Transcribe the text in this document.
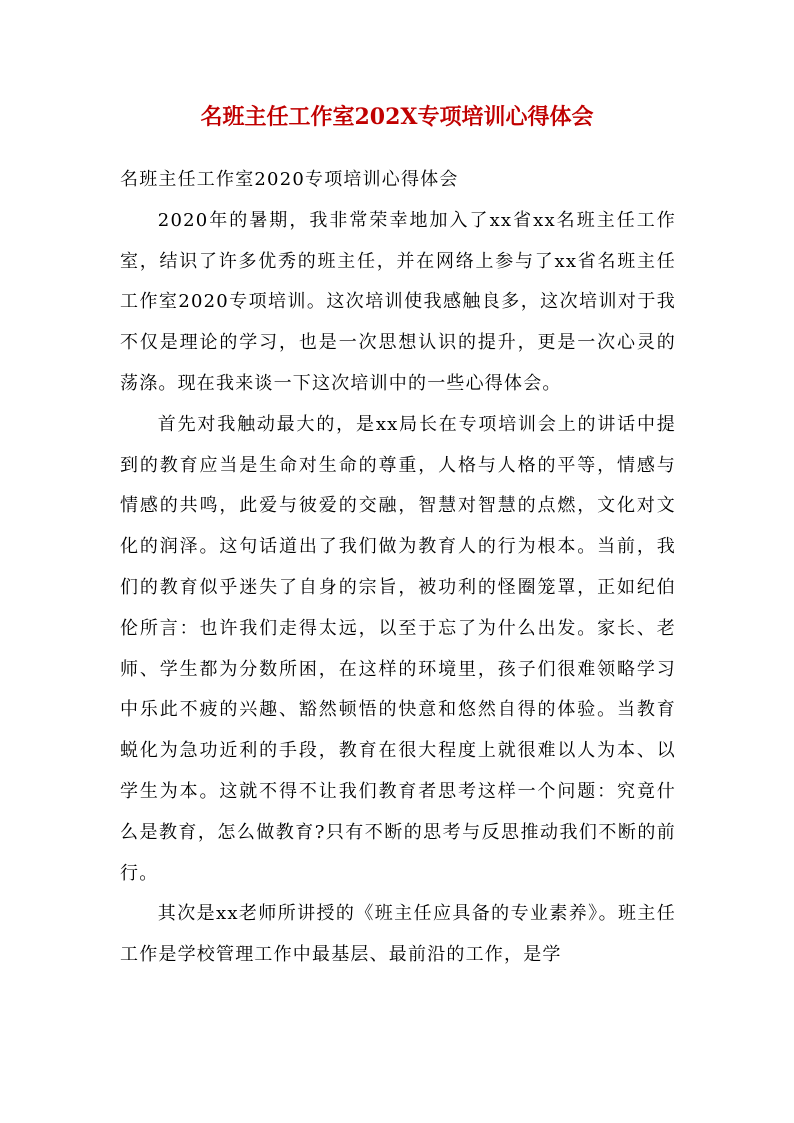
名班主任工作室202X专项培训心得体会

名班主任工作室2020专项培训心得体会

2020年的暑期，我非常荣幸地加入了xx省xx名班主任工作室，结识了许多优秀的班主任，并在网络上参与了xx省名班主任工作室2020专项培训。这次培训使我感触良多，这次培训对于我不仅是理论的学习，也是一次思想认识的提升，更是一次心灵的荡涤。现在我来谈一下这次培训中的一些心得体会。

首先对我触动最大的，是xx局长在专项培训会上的讲话中提到的教育应当是生命对生命的尊重，人格与人格的平等，情感与情感的共鸣，此爱与彼爱的交融，智慧对智慧的点燃，文化对文化的润泽。这句话道出了我们做为教育人的行为根本。当前，我们的教育似乎迷失了自身的宗旨，被功利的怪圈笼罩，正如纪伯伦所言：也许我们走得太远，以至于忘了为什么出发。家长、老师、学生都为分数所困，在这样的环境里，孩子们很难领略学习中乐此不疲的兴趣、豁然顿悟的快意和悠然自得的体验。当教育蜕化为急功近利的手段，教育在很大程度上就很难以人为本、以学生为本。这就不得不让我们教育者思考这样一个问题：究竟什么是教育，怎么做教育?只有不断的思考与反思推动我们不断的前行。

其次是xx老师所讲授的《班主任应具备的专业素养》。班主任工作是学校管理工作中最基层、最前沿的工作，是学
